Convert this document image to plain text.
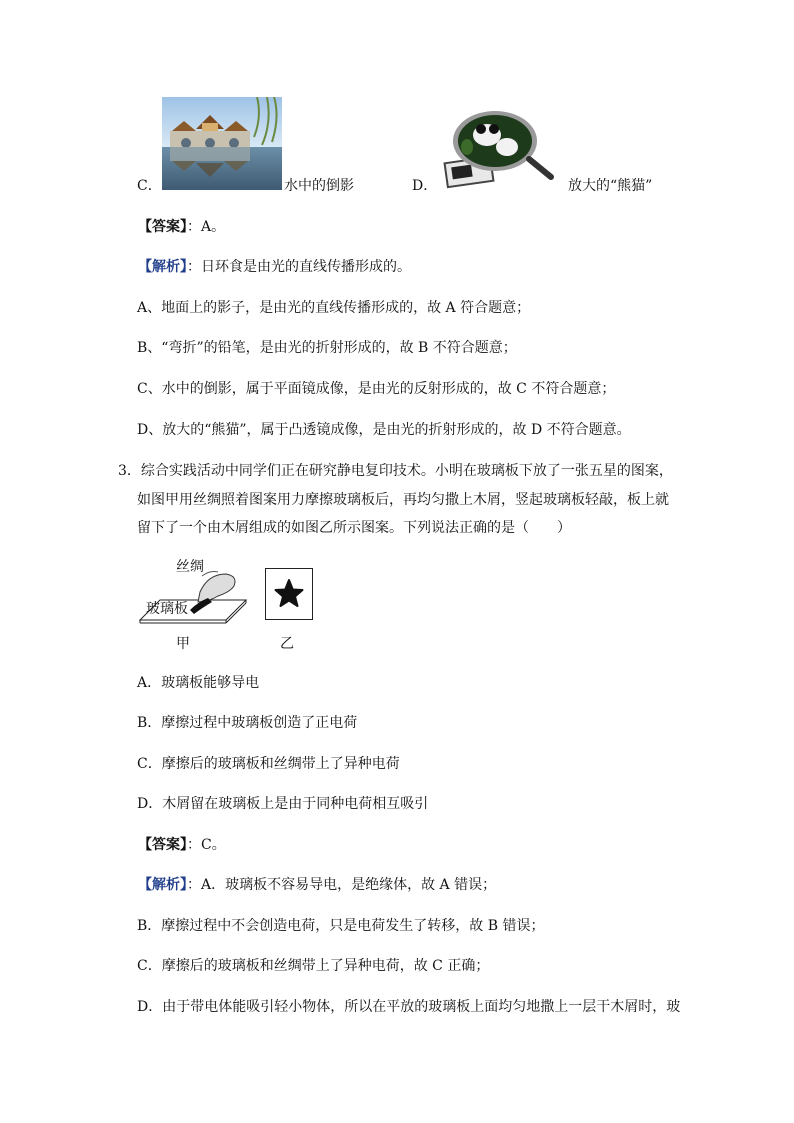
C．	水中的倒影	D．	放大的“熊猫”
【答案】：A。
【解析】：日环食是由光的直线传播形成的。
A、地面上的影子，是由光的直线传播形成的，故 A 符合题意；
B、“弯折”的铅笔，是由光的折射形成的，故 B 不符合题意；
C、水中的倒影，属于平面镜成像，是由光的反射形成的，故 C 不符合题意；
D、放大的“熊猫”，属于凸透镜成像，是由光的折射形成的，故 D 不符合题意。
3．综合实践活动中同学们正在研究静电复印技术。小明在玻璃板下放了一张五星的图案，
如图甲用丝绸照着图案用力摩擦玻璃板后，再均匀撒上木屑，竖起玻璃板轻敲，板上就
留下了一个由木屑组成的如图乙所示图案。下列说法正确的是（　　）
丝绸
玻璃板
甲	乙
A．玻璃板能够导电
B．摩擦过程中玻璃板创造了正电荷
C．摩擦后的玻璃板和丝绸带上了异种电荷
D．木屑留在玻璃板上是由于同种电荷相互吸引
【答案】：C。
【解析】：A．玻璃板不容易导电，是绝缘体，故 A 错误；
B．摩擦过程中不会创造电荷，只是电荷发生了转移，故 B 错误；
C．摩擦后的玻璃板和丝绸带上了异种电荷，故 C 正确；
D．由于带电体能吸引轻小物体，所以在平放的玻璃板上面均匀地撒上一层干木屑时，玻
